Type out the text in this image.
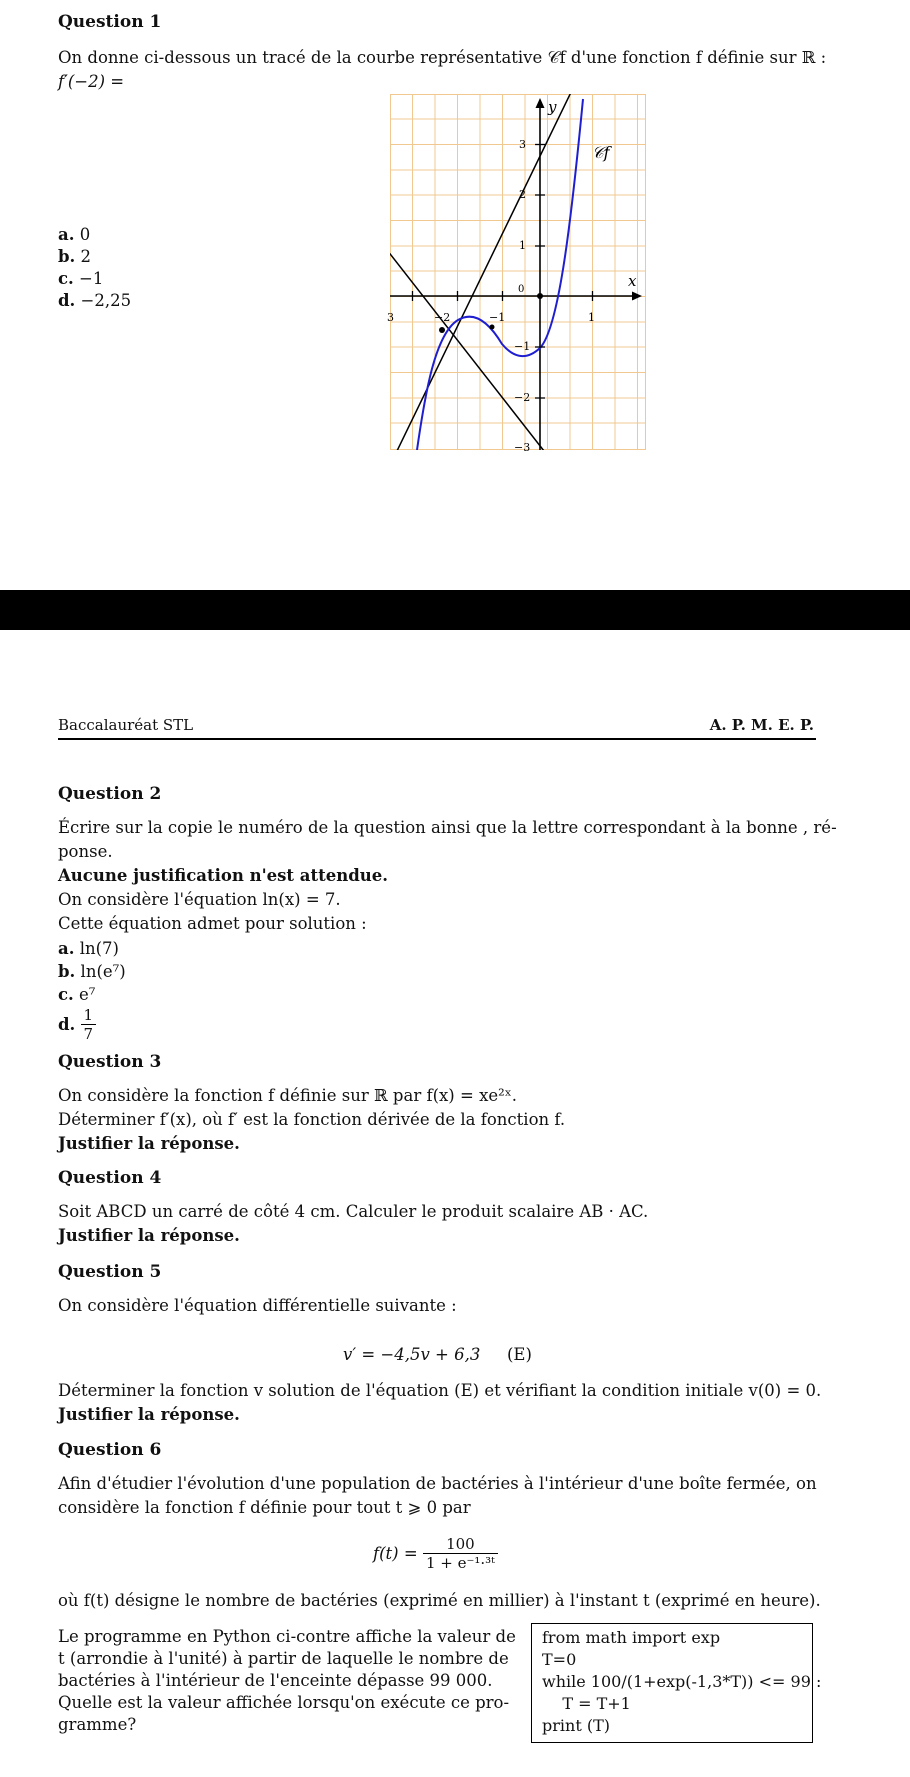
Question 1
On donne ci-dessous un tracé de la courbe représentative 𝒞f d'une fonction f définie sur ℝ :
f′(−2) =
a. 0
b. 2
c. −1
d. −2,25
y
x
𝒞f
3	−2	−1
0
1
3
2
1
−1
−2
−3
Baccalauréat STL	A. P. M. E. P.
Question 2
Écrire sur la copie le numéro de la question ainsi que la lettre correspondant à la bonne , ré-
ponse.
Aucune justification n'est attendue.
On considère l'équation ln(x) = 7.
Cette équation admet pour solution :
a. ln(7)
b. ln(e⁷)
c. e⁷
d. $\frac{1}{7}$
Question 3
On considère la fonction f définie sur ℝ par f(x) = xe²ˣ.
Déterminer f′(x), où f′ est la fonction dérivée de la fonction f.
Justifier la réponse.
Question 4
Soit ABCD un carré de côté 4 cm. Calculer le produit scalaire AB · AC.
Justifier la réponse.
Question 5
On considère l'équation différentielle suivante :
v′ = −4,5v + 6,3 (E)
Déterminer la fonction v solution de l'équation (E) et vérifiant la condition initiale v(0) = 0.
Justifier la réponse.
Question 6
Afin d'étudier l'évolution d'une population de bactéries à l'intérieur d'une boîte fermée, on
considère la fonction f définie pour tout t ⩾ 0 par
$f(t) = \frac{100}{\text{1 + e⁻¹·³ᵗ}}$
où f(t) désigne le nombre de bactéries (exprimé en millier) à l'instant t (exprimé en heure).
Le programme en Python ci-contre affiche la valeur de
t (arrondie à l'unité) à partir de laquelle le nombre de
bactéries à l'intérieur de l'enceinte dépasse 99 000.
Quelle est la valeur affichée lorsqu'on exécute ce pro-
gramme?
from math import exp
T=0
while 100/(1+exp(-1,3*T)) <= 99 :
T = T+1
print (T)
